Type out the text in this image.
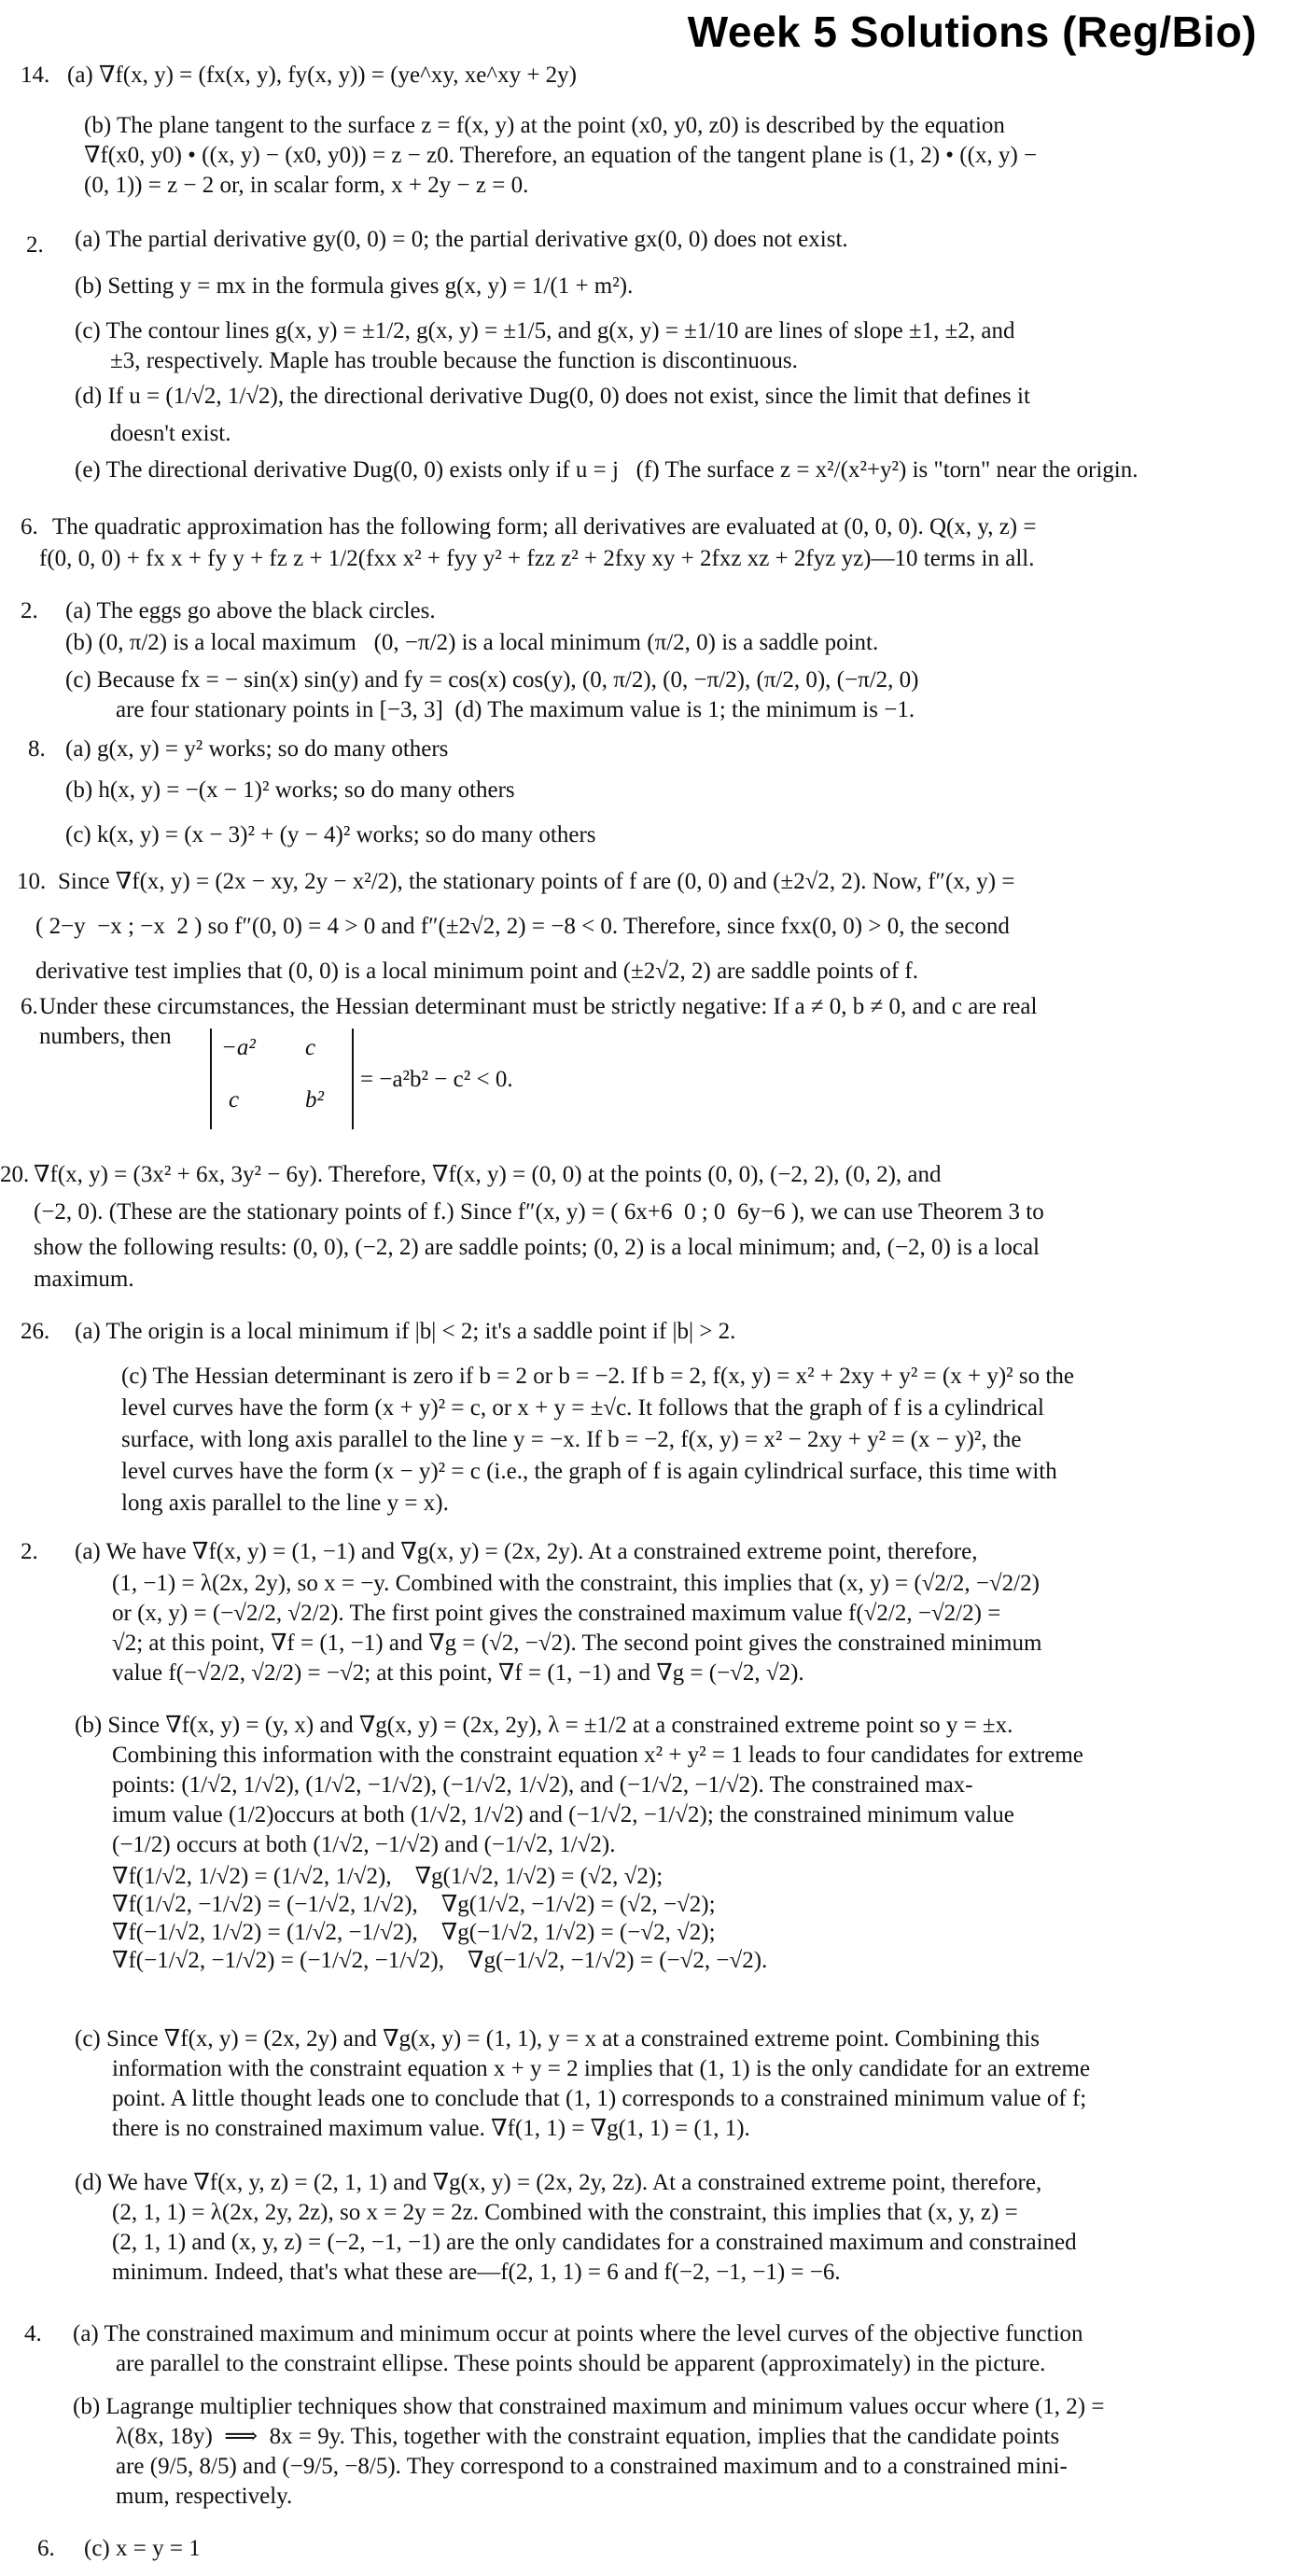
Week 5 Solutions (Reg/Bio)
14. (a) ∇f(x, y) = (fx(x, y), fy(x, y)) = (ye^xy, xe^xy + 2y)
(b) The plane tangent to the surface z = f(x, y) at the point (x0, y0, z0) is described by the equation
∇f(x0, y0) • ((x, y) − (x0, y0)) = z − z0. Therefore, an equation of the tangent plane is (1, 2) • ((x, y) −
(0, 1)) = z − 2 or, in scalar form, x + 2y − z = 0.
2. (a) The partial derivative gy(0, 0) = 0; the partial derivative gx(0, 0) does not exist.
(b) Setting y = mx in the formula gives g(x, y) = 1/(1 + m²).
(c) The contour lines g(x, y) = ±1/2, g(x, y) = ±1/5, and g(x, y) = ±1/10 are lines of slope ±1, ±2, and
±3, respectively. Maple has trouble because the function is discontinuous.
(d) If u = (1/√2, 1/√2), the directional derivative Dug(0, 0) does not exist, since the limit that defines it
doesn't exist.
(e) The directional derivative Dug(0, 0) exists only if u = j   (f) The surface z = x²/(x²+y²) is "torn" near the origin.
6. The quadratic approximation has the following form; all derivatives are evaluated at (0, 0, 0). Q(x, y, z) =
f(0, 0, 0) + fx x + fy y + fz z + 1/2(fxx x² + fyy y² + fzz z² + 2fxy xy + 2fxz xz + 2fyz yz)—10 terms in all.
2. (a) The eggs go above the black circles.
(b) (0, π/2) is a local maximum   (0, −π/2) is a local minimum (π/2, 0) is a saddle point.
(c) Because fx = − sin(x) sin(y) and fy = cos(x) cos(y), (0, π/2), (0, −π/2), (π/2, 0), (−π/2, 0)
are four stationary points in [−3, 3]  (d) The maximum value is 1; the minimum is −1.
8. (a) g(x, y) = y² works; so do many others
(b) h(x, y) = −(x − 1)² works; so do many others
(c) k(x, y) = (x − 3)² + (y − 4)² works; so do many others
10. Since ∇f(x, y) = (2x − xy, 2y − x²/2), the stationary points of f are (0, 0) and (±2√2, 2). Now, f″(x, y) =
( 2−y  −x ; −x  2 ) so f″(0, 0) = 4 > 0 and f″(±2√2, 2) = −8 < 0. Therefore, since fxx(0, 0) > 0, the second
derivative test implies that (0, 0) is a local minimum point and (±2√2, 2) are saddle points of f.
6. Under these circumstances, the Hessian determinant must be strictly negative: If a ≠ 0, b ≠ 0, and c are real
numbers, then
= −a²b² − c² < 0.
20. ∇f(x, y) = (3x² + 6x, 3y² − 6y). Therefore, ∇f(x, y) = (0, 0) at the points (0, 0), (−2, 2), (0, 2), and
(−2, 0). (These are the stationary points of f.) Since f″(x, y) = ( 6x+6  0 ; 0  6y−6 ), we can use Theorem 3 to
show the following results: (0, 0), (−2, 2) are saddle points; (0, 2) is a local minimum; and, (−2, 0) is a local
maximum.
26. (a) The origin is a local minimum if |b| < 2; it's a saddle point if |b| > 2.
(c) The Hessian determinant is zero if b = 2 or b = −2. If b = 2, f(x, y) = x² + 2xy + y² = (x + y)² so the
level curves have the form (x + y)² = c, or x + y = ±√c. It follows that the graph of f is a cylindrical
surface, with long axis parallel to the line y = −x. If b = −2, f(x, y) = x² − 2xy + y² = (x − y)², the
level curves have the form (x − y)² = c (i.e., the graph of f is again cylindrical surface, this time with
long axis parallel to the line y = x).
2. (a) We have ∇f(x, y) = (1, −1) and ∇g(x, y) = (2x, 2y). At a constrained extreme point, therefore,
(1, −1) = λ(2x, 2y), so x = −y. Combined with the constraint, this implies that (x, y) = (√2/2, −√2/2)
or (x, y) = (−√2/2, √2/2). The first point gives the constrained maximum value f(√2/2, −√2/2) =
√2; at this point, ∇f = (1, −1) and ∇g = (√2, −√2). The second point gives the constrained minimum
value f(−√2/2, √2/2) = −√2; at this point, ∇f = (1, −1) and ∇g = (−√2, √2).
(b) Since ∇f(x, y) = (y, x) and ∇g(x, y) = (2x, 2y), λ = ±1/2 at a constrained extreme point so y = ±x.
Combining this information with the constraint equation x² + y² = 1 leads to four candidates for extreme
points: (1/√2, 1/√2), (1/√2, −1/√2), (−1/√2, 1/√2), and (−1/√2, −1/√2). The constrained max-
imum value (1/2)occurs at both (1/√2, 1/√2) and (−1/√2, −1/√2); the constrained minimum value
(−1/2) occurs at both (1/√2, −1/√2) and (−1/√2, 1/√2).
∇f(1/√2, 1/√2) = (1/√2, 1/√2),    ∇g(1/√2, 1/√2) = (√2, √2);
∇f(1/√2, −1/√2) = (−1/√2, 1/√2),    ∇g(1/√2, −1/√2) = (√2, −√2);
∇f(−1/√2, 1/√2) = (1/√2, −1/√2),    ∇g(−1/√2, 1/√2) = (−√2, √2);
∇f(−1/√2, −1/√2) = (−1/√2, −1/√2),    ∇g(−1/√2, −1/√2) = (−√2, −√2).
(c) Since ∇f(x, y) = (2x, 2y) and ∇g(x, y) = (1, 1), y = x at a constrained extreme point. Combining this
information with the constraint equation x + y = 2 implies that (1, 1) is the only candidate for an extreme
point. A little thought leads one to conclude that (1, 1) corresponds to a constrained minimum value of f;
there is no constrained maximum value. ∇f(1, 1) = ∇g(1, 1) = (1, 1).
(d) We have ∇f(x, y, z) = (2, 1, 1) and ∇g(x, y) = (2x, 2y, 2z). At a constrained extreme point, therefore,
(2, 1, 1) = λ(2x, 2y, 2z), so x = 2y = 2z. Combined with the constraint, this implies that (x, y, z) =
(2, 1, 1) and (x, y, z) = (−2, −1, −1) are the only candidates for a constrained maximum and constrained
minimum. Indeed, that's what these are—f(2, 1, 1) = 6 and f(−2, −1, −1) = −6.
4. (a) The constrained maximum and minimum occur at points where the level curves of the objective function
are parallel to the constraint ellipse. These points should be apparent (approximately) in the picture.
(b) Lagrange multiplier techniques show that constrained maximum and minimum values occur where (1, 2) =
λ(8x, 18y)  ⟹  8x = 9y. This, together with the constraint equation, implies that the candidate points
are (9/5, 8/5) and (−9/5, −8/5). They correspond to a constrained maximum and to a constrained mini-
mum, respectively.
6. (c) x = y = 1
−a² c
c	b²
